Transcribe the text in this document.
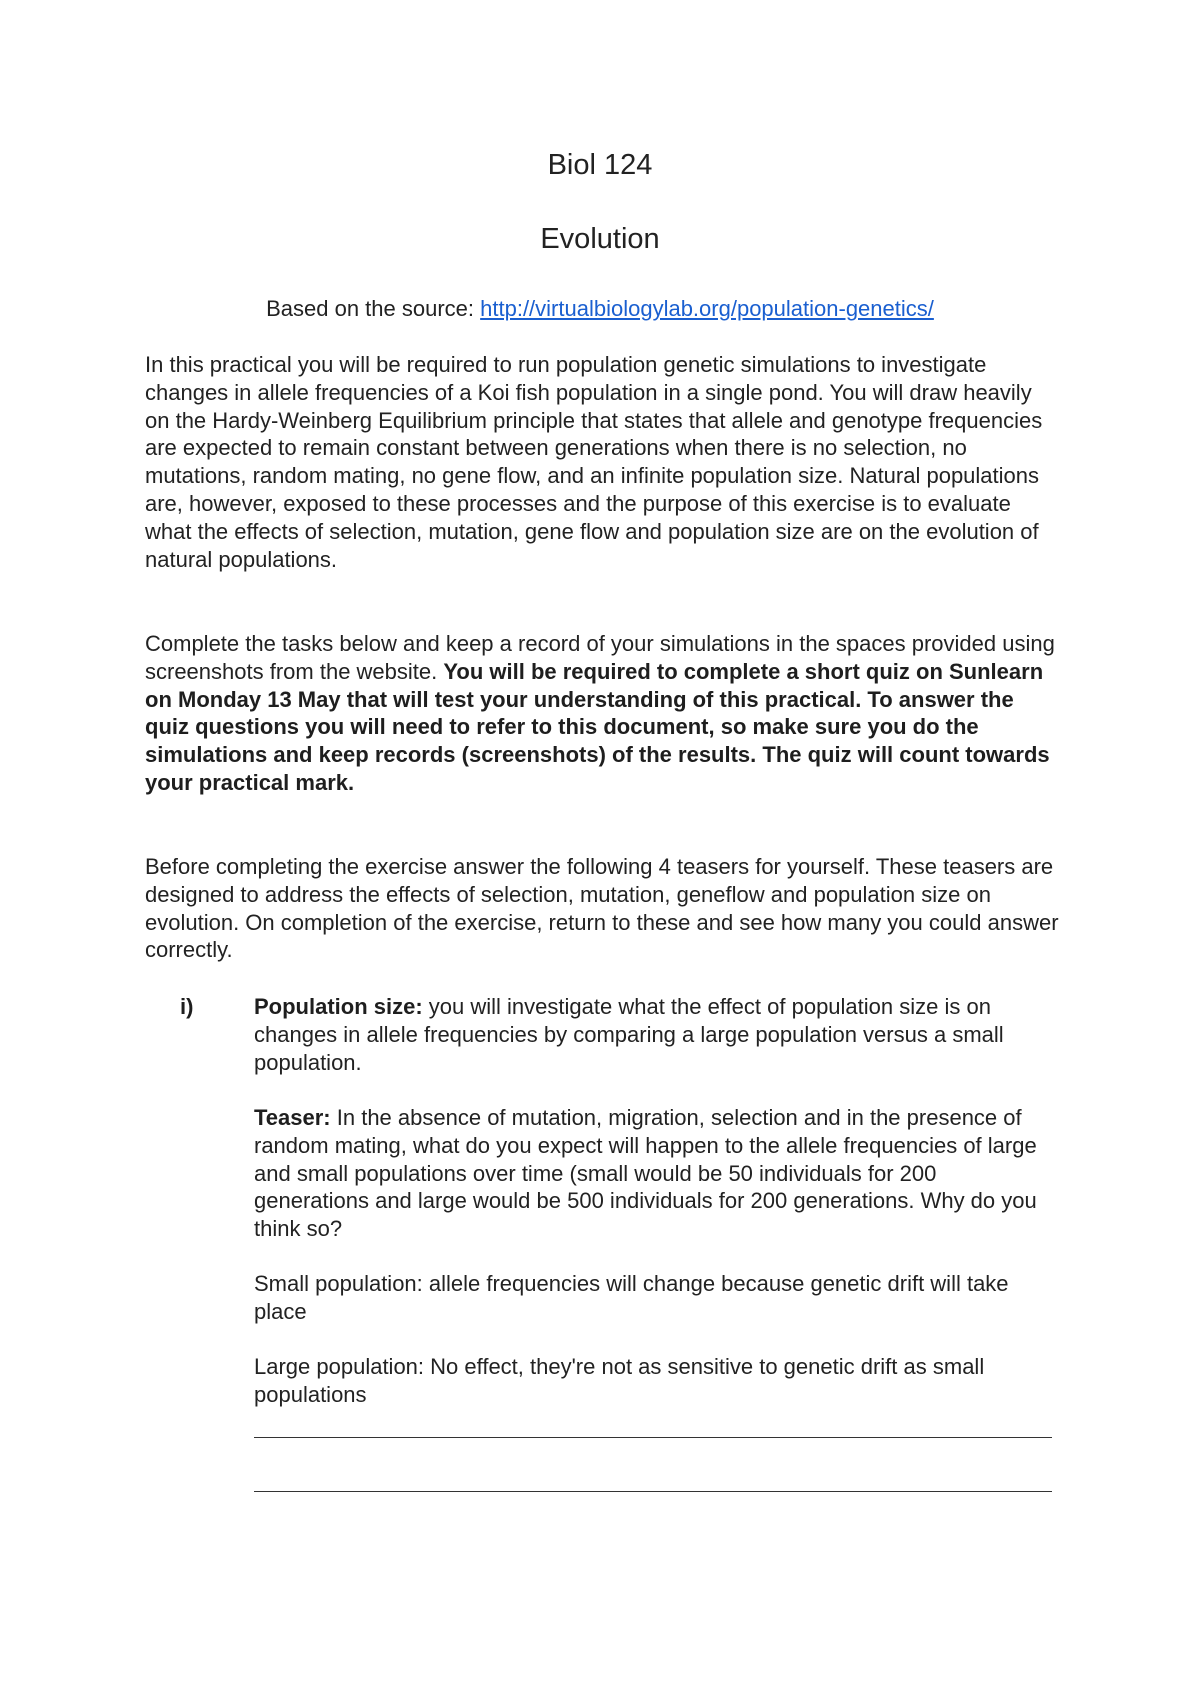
Biol 124
Evolution
Based on the source: http://virtualbiologylab.org/population-genetics/

In this practical you will be required to run population genetic simulations to investigate changes in allele frequencies of a Koi fish population in a single pond. You will draw heavily on the Hardy-Weinberg Equilibrium principle that states that allele and genotype frequencies are expected to remain constant between generations when there is no selection, no mutations, random mating, no gene flow, and an infinite population size. Natural populations are, however, exposed to these processes and the purpose of this exercise is to evaluate what the effects of selection, mutation, gene flow and population size are on the evolution of natural populations.

Complete the tasks below and keep a record of your simulations in the spaces provided using screenshots from the website. You will be required to complete a short quiz on Sunlearn on Monday 13 May that will test your understanding of this practical. To answer the quiz questions you will need to refer to this document, so make sure you do the simulations and keep records (screenshots) of the results. The quiz will count towards your practical mark.

Before completing the exercise answer the following 4 teasers for yourself. These teasers are designed to address the effects of selection, mutation, geneflow and population size on evolution. On completion of the exercise, return to these and see how many you could answer correctly.

i)	Population size: you will investigate what the effect of population size is on changes in allele frequencies by comparing a large population versus a small population.

Teaser: In the absence of mutation, migration, selection and in the presence of random mating, what do you expect will happen to the allele frequencies of large and small populations over time (small would be 50 individuals for 200 generations and large would be 500 individuals for 200 generations. Why do you think so?

Small population: allele frequencies will change because genetic drift will take place

Large population: No effect, they're not as sensitive to genetic drift as small populations
